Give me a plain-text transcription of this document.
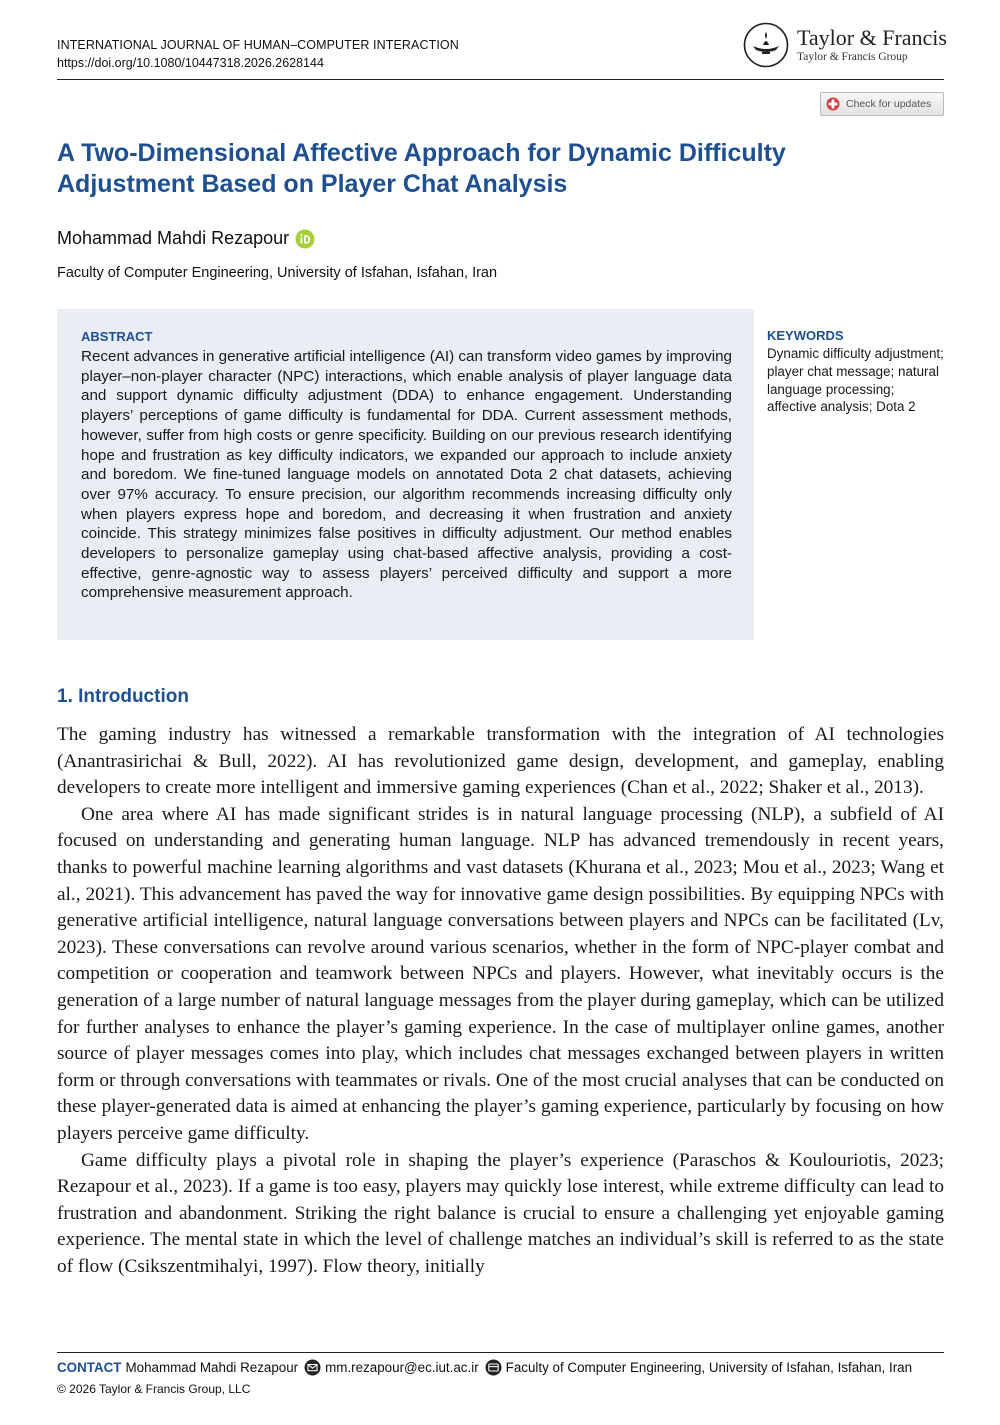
INTERNATIONAL JOURNAL OF HUMAN–COMPUTER INTERACTION
https://doi.org/10.1080/10447318.2026.2628144
Taylor & Francis
Taylor & Francis Group
Check for updates
A Two-Dimensional Affective Approach for Dynamic Difficulty Adjustment Based on Player Chat Analysis
Mohammad Mahdi Rezapour
Faculty of Computer Engineering, University of Isfahan, Isfahan, Iran
ABSTRACT
Recent advances in generative artificial intelligence (AI) can transform video games by improving player–non-player character (NPC) interactions, which enable analysis of player language data and support dynamic difficulty adjustment (DDA) to enhance engagement. Understanding players’ perceptions of game difficulty is fundamental for DDA. Current assessment methods, however, suffer from high costs or genre specificity. Building on our previous research identifying hope and frustration as key difficulty indicators, we expanded our approach to include anxiety and boredom. We fine-tuned language models on annotated Dota 2 chat datasets, achieving over 97% accuracy. To ensure precision, our algorithm recommends increasing difficulty only when players express hope and boredom, and decreasing it when frustration and anxiety coincide. This strategy minimizes false positives in difficulty adjustment. Our method enables developers to personalize gameplay using chat-based affective analysis, providing a cost-effective, genre-agnostic way to assess players’ perceived difficulty and support a more comprehensive measurement approach.
KEYWORDS
Dynamic difficulty adjustment; player chat message; natural language processing; affective analysis; Dota 2
1. Introduction

The gaming industry has witnessed a remarkable transformation with the integration of AI technologies (Anantrasirichai & Bull, 2022). AI has revolutionized game design, development, and gameplay, enabling developers to create more intelligent and immersive gaming experiences (Chan et al., 2022; Shaker et al., 2013).

One area where AI has made significant strides is in natural language processing (NLP), a subfield of AI focused on understanding and generating human language. NLP has advanced tremendously in recent years, thanks to powerful machine learning algorithms and vast datasets (Khurana et al., 2023; Mou et al., 2023; Wang et al., 2021). This advancement has paved the way for innovative game design possibilities. By equipping NPCs with generative artificial intelligence, natural language conversations between players and NPCs can be facilitated (Lv, 2023). These conversations can revolve around various scenarios, whether in the form of NPC-player combat and competition or cooperation and teamwork between NPCs and players. However, what inevitably occurs is the generation of a large number of natural language messages from the player during gameplay, which can be utilized for further analyses to enhance the player’s gaming experience. In the case of multiplayer online games, another source of player messages comes into play, which includes chat messages exchanged between players in written form or through conversations with teammates or rivals. One of the most crucial analyses that can be conducted on these player-generated data is aimed at enhancing the player’s gaming experience, particularly by focusing on how players perceive game difficulty.

Game difficulty plays a pivotal role in shaping the player’s experience (Paraschos & Koulouriotis, 2023; Rezapour et al., 2023). If a game is too easy, players may quickly lose interest, while extreme difficulty can lead to frustration and abandonment. Striking the right balance is crucial to ensure a challenging yet enjoyable gaming experience. The mental state in which the level of challenge matches an individual’s skill is referred to as the state of flow (Csikszentmihalyi, 1997). Flow theory, initially

CONTACT Mohammad Mahdi Rezapour mm.rezapour@ec.iut.ac.ir Faculty of Computer Engineering, University of Isfahan, Isfahan, Iran
© 2026 Taylor & Francis Group, LLC
